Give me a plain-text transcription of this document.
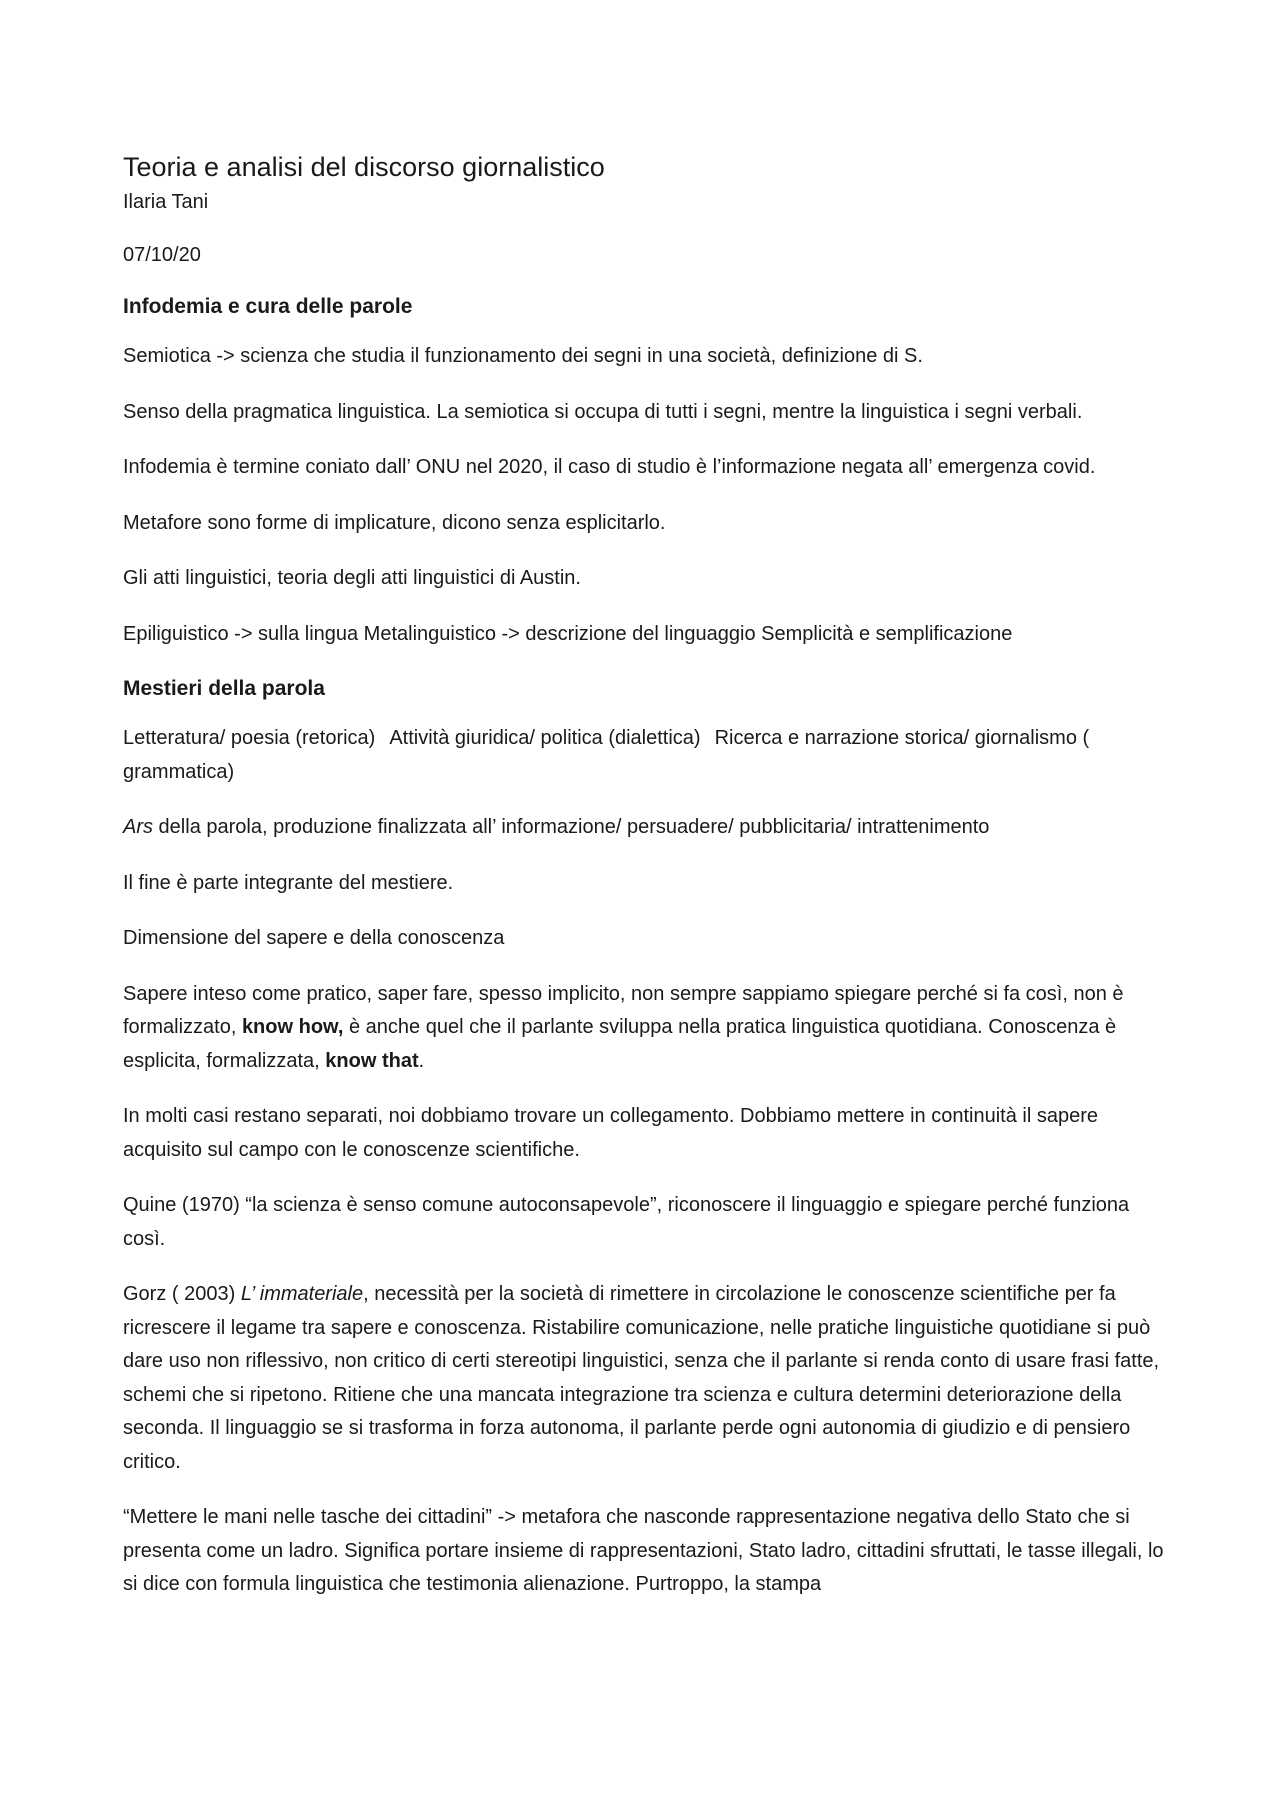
Teoria e analisi del discorso giornalistico

Ilaria Tani

07/10/20

Infodemia e cura delle parole

Semiotica -> scienza che studia il funzionamento dei segni in una società, definizione di S.

Senso della pragmatica linguistica. La semiotica si occupa di tutti i segni, mentre la linguistica i segni verbali.

Infodemia è termine coniato dall’ ONU nel 2020, il caso di studio è l’informazione negata all’ emergenza covid.

Metafore sono forme di implicature, dicono senza esplicitarlo.

Gli atti linguistici, teoria degli atti linguistici di Austin.

Epiliguistico -> sulla lingua Metalinguistico -> descrizione del linguaggio Semplicità e semplificazione

Mestieri della parola

Letteratura/ poesia (retorica) Attività giuridica/ politica (dialettica) Ricerca e narrazione storica/ giornalismo ( grammatica)

Ars della parola, produzione finalizzata all’ informazione/ persuadere/ pubblicitaria/ intrattenimento

Il fine è parte integrante del mestiere.

Dimensione del sapere e della conoscenza

Sapere inteso come pratico, saper fare, spesso implicito, non sempre sappiamo spiegare perché si fa così, non è formalizzato, know how, è anche quel che il parlante sviluppa nella pratica linguistica quotidiana. Conoscenza è esplicita, formalizzata, know that.

In molti casi restano separati, noi dobbiamo trovare un collegamento. Dobbiamo mettere in continuità il sapere acquisito sul campo con le conoscenze scientifiche.

Quine (1970) “la scienza è senso comune autoconsapevole”, riconoscere il linguaggio e spiegare perché funziona così.

Gorz ( 2003) L’ immateriale, necessità per la società di rimettere in circolazione le conoscenze scientifiche per fa ricrescere il legame tra sapere e conoscenza. Ristabilire comunicazione, nelle pratiche linguistiche quotidiane si può dare uso non riflessivo, non critico di certi stereotipi linguistici, senza che il parlante si renda conto di usare frasi fatte, schemi che si ripetono. Ritiene che una mancata integrazione tra scienza e cultura determini deteriorazione della seconda. Il linguaggio se si trasforma in forza autonoma, il parlante perde ogni autonomia di giudizio e di pensiero critico.

“Mettere le mani nelle tasche dei cittadini” -> metafora che nasconde rappresentazione negativa dello Stato che si presenta come un ladro. Significa portare insieme di rappresentazioni, Stato ladro, cittadini sfruttati, le tasse illegali, lo si dice con formula linguistica che testimonia alienazione. Purtroppo, la stampa
